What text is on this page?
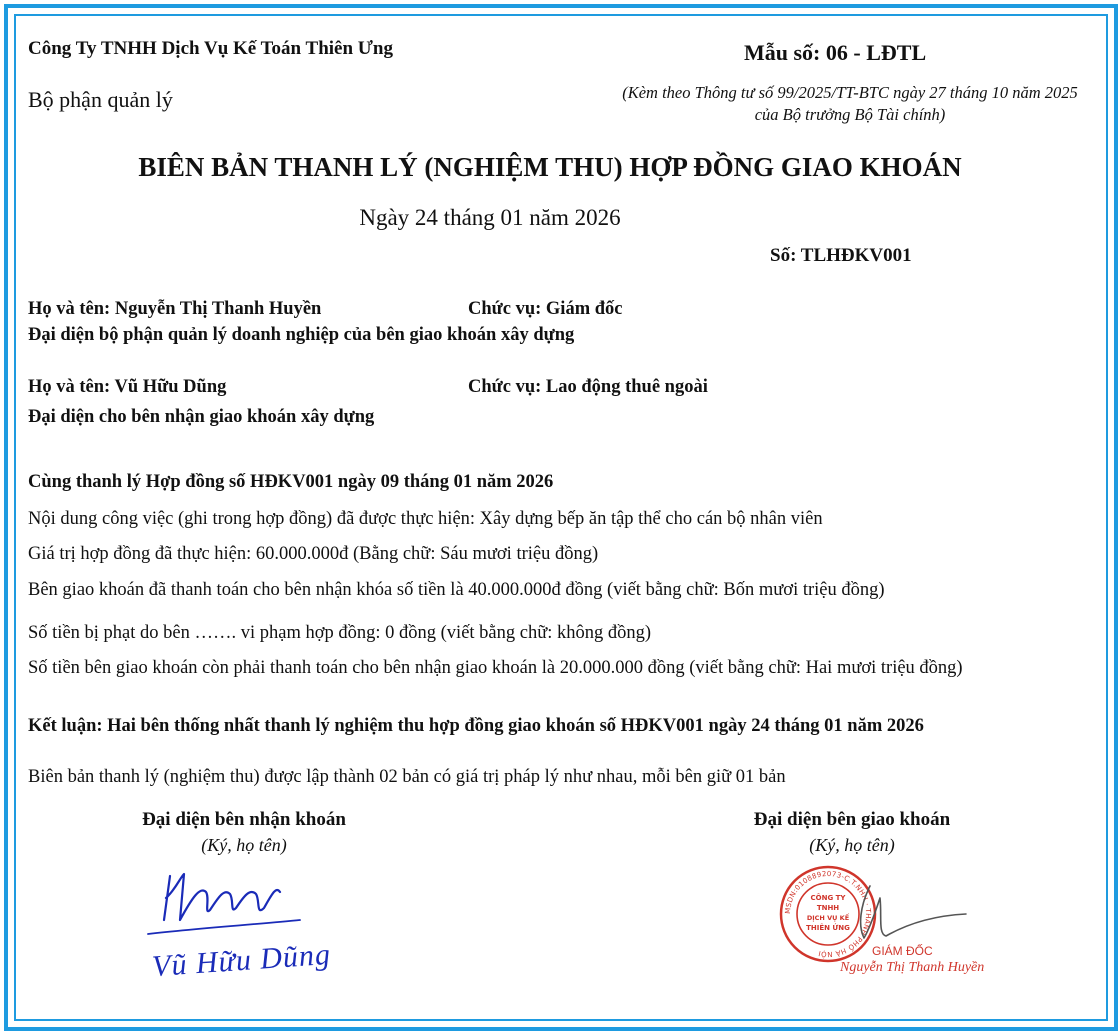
Công Ty TNHH Dịch Vụ Kế Toán Thiên Ưng
Bộ phận quản lý
Mẫu số: 06 - LĐTL
(Kèm theo Thông tư số 99/2025/TT-BTC ngày 27 tháng 10 năm 2025 của Bộ trưởng Bộ Tài chính)
BIÊN BẢN THANH LÝ (NGHIỆM THU) HỢP ĐỒNG GIAO KHOÁN
Ngày 24 tháng 01 năm 2026
Số: TLHĐKV001
Họ và tên: Nguyễn Thị Thanh Huyền	Chức vụ: Giám đốc
Đại diện bộ phận quản lý doanh nghiệp của bên giao khoán xây dựng
Họ và tên: Vũ Hữu Dũng	Chức vụ: Lao động thuê ngoài
Đại diện cho bên nhận giao khoán xây dựng
Cùng thanh lý Hợp đồng số HĐKV001 ngày 09 tháng 01 năm 2026
Nội dung công việc (ghi trong hợp đồng) đã được thực hiện: Xây dựng bếp ăn tập thể cho cán bộ nhân viên
Giá trị hợp đồng đã thực hiện: 60.000.000đ (Bằng chữ: Sáu mươi triệu đồng)
Bên giao khoán đã thanh toán cho bên nhận khóa số tiền là 40.000.000đ đồng (viết bằng chữ: Bốn mươi triệu đồng)
Số tiền bị phạt do bên ……. vi phạm hợp đồng: 0 đồng (viết bằng chữ: không đồng)
Số tiền bên giao khoán còn phải thanh toán cho bên nhận giao khoán là 20.000.000 đồng (viết bằng chữ: Hai mươi triệu đồng)
Kết luận: Hai bên thống nhất thanh lý nghiệm thu hợp đồng giao khoán số HĐKV001 ngày 24 tháng 01 năm 2026
Biên bản thanh lý (nghiệm thu) được lập thành 02 bản có giá trị pháp lý như nhau, mỗi bên giữ 01 bản
Đại diện bên nhận khoán
(Ký, họ tên)
Vũ Hữu Dũng
Đại diện bên giao khoán
(Ký, họ tên)
MSDN:0108892073-C.T.NHH · THÀNH PHỐ HÀ NỘI
CÔNG TY
TNHH
DỊCH VỤ KẾ
THIÊN ỨNG
GIÁM ĐỐC
Nguyễn Thị Thanh Huyền
